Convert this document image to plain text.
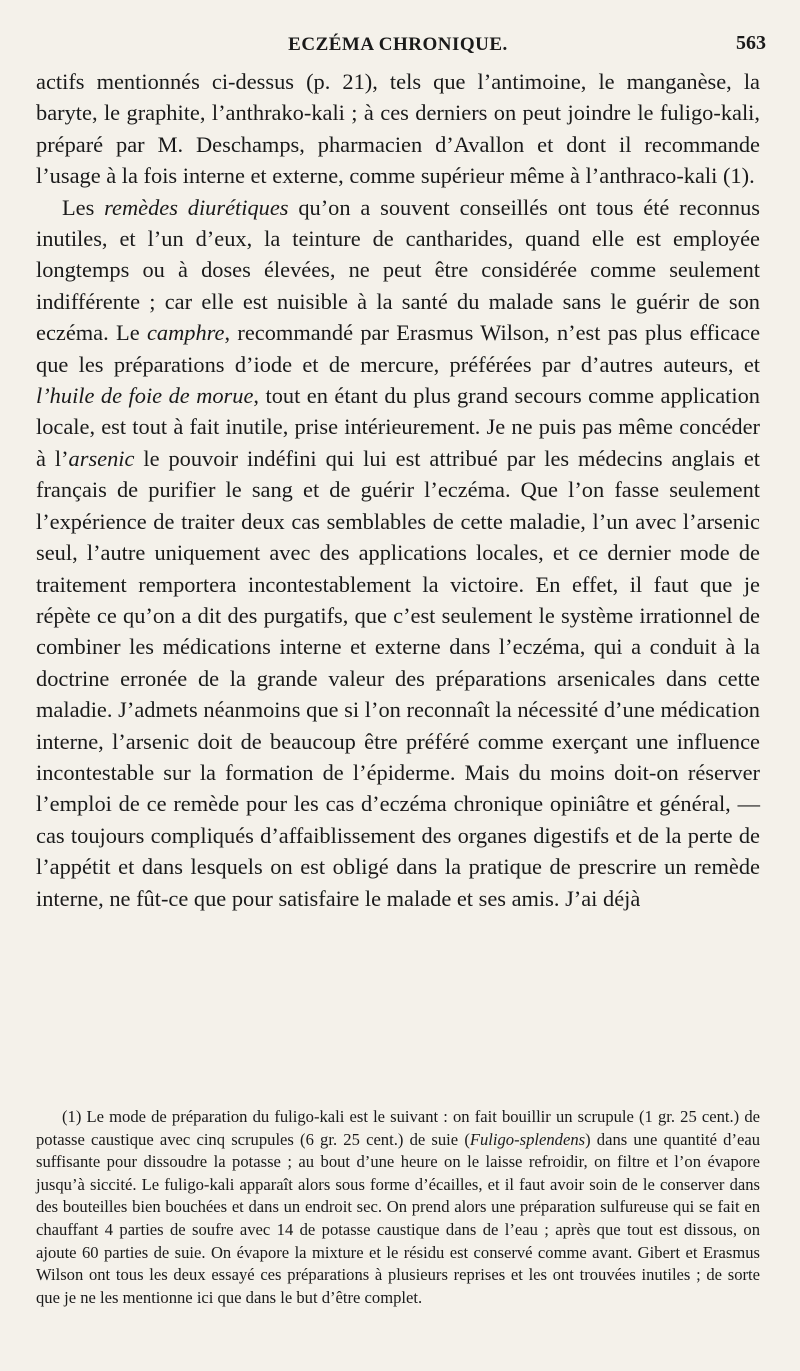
ECZÉMA CHRONIQUE.	563

actifs mentionnés ci-dessus (p. 21), tels que l’antimoine, le manganèse, la baryte, le graphite, l’anthrako-kali ; à ces derniers on peut joindre le fuligo-kali, préparé par M. Deschamps, pharmacien d’Avallon et dont il recommande l’usage à la fois interne et externe, comme supérieur même à l’anthraco-kali (1).

Les remèdes diurétiques qu’on a souvent conseillés ont tous été reconnus inutiles, et l’un d’eux, la teinture de cantharides, quand elle est employée longtemps ou à doses élevées, ne peut être considérée comme seulement indifférente ; car elle est nuisible à la santé du malade sans le guérir de son eczéma. Le camphre, recommandé par Erasmus Wilson, n’est pas plus efficace que les préparations d’iode et de mercure, préférées par d’autres auteurs, et l’huile de foie de morue, tout en étant du plus grand secours comme application locale, est tout à fait inutile, prise intérieurement. Je ne puis pas même concéder à l’arsenic le pouvoir indéfini qui lui est attribué par les médecins anglais et français de purifier le sang et de guérir l’eczéma. Que l’on fasse seulement l’expérience de traiter deux cas semblables de cette maladie, l’un avec l’arsenic seul, l’autre uniquement avec des applications locales, et ce dernier mode de traitement remportera incontestablement la victoire. En effet, il faut que je répète ce qu’on a dit des purgatifs, que c’est seulement le système irrationnel de combiner les médications interne et externe dans l’eczéma, qui a conduit à la doctrine erronée de la grande valeur des préparations arsenicales dans cette maladie. J’admets néanmoins que si l’on reconnaît la nécessité d’une médication interne, l’arsenic doit de beaucoup être préféré comme exerçant une influence incontestable sur la formation de l’épiderme. Mais du moins doit-on réserver l’emploi de ce remède pour les cas d’eczéma chronique opiniâtre et général, — cas toujours compliqués d’affaiblissement des organes digestifs et de la perte de l’appétit et dans lesquels on est obligé dans la pratique de prescrire un remède interne, ne fût-ce que pour satisfaire le malade et ses amis. J’ai déjà

(1) Le mode de préparation du fuligo-kali est le suivant : on fait bouillir un scrupule (1 gr. 25 cent.) de potasse caustique avec cinq scrupules (6 gr. 25 cent.) de suie (Fuligo-splendens) dans une quantité d’eau suffisante pour dissoudre la potasse ; au bout d’une heure on le laisse refroidir, on filtre et l’on évapore jusqu’à siccité. Le fuligo-kali apparaît alors sous forme d’écailles, et il faut avoir soin de le conserver dans des bouteilles bien bouchées et dans un endroit sec. On prend alors une préparation sulfureuse qui se fait en chauffant 4 parties de soufre avec 14 de potasse caustique dans de l’eau ; après que tout est dissous, on ajoute 60 parties de suie. On évapore la mixture et le résidu est conservé comme avant. Gibert et Erasmus Wilson ont tous les deux essayé ces préparations à plusieurs reprises et les ont trouvées inutiles ; de sorte que je ne les mentionne ici que dans le but d’être complet.
